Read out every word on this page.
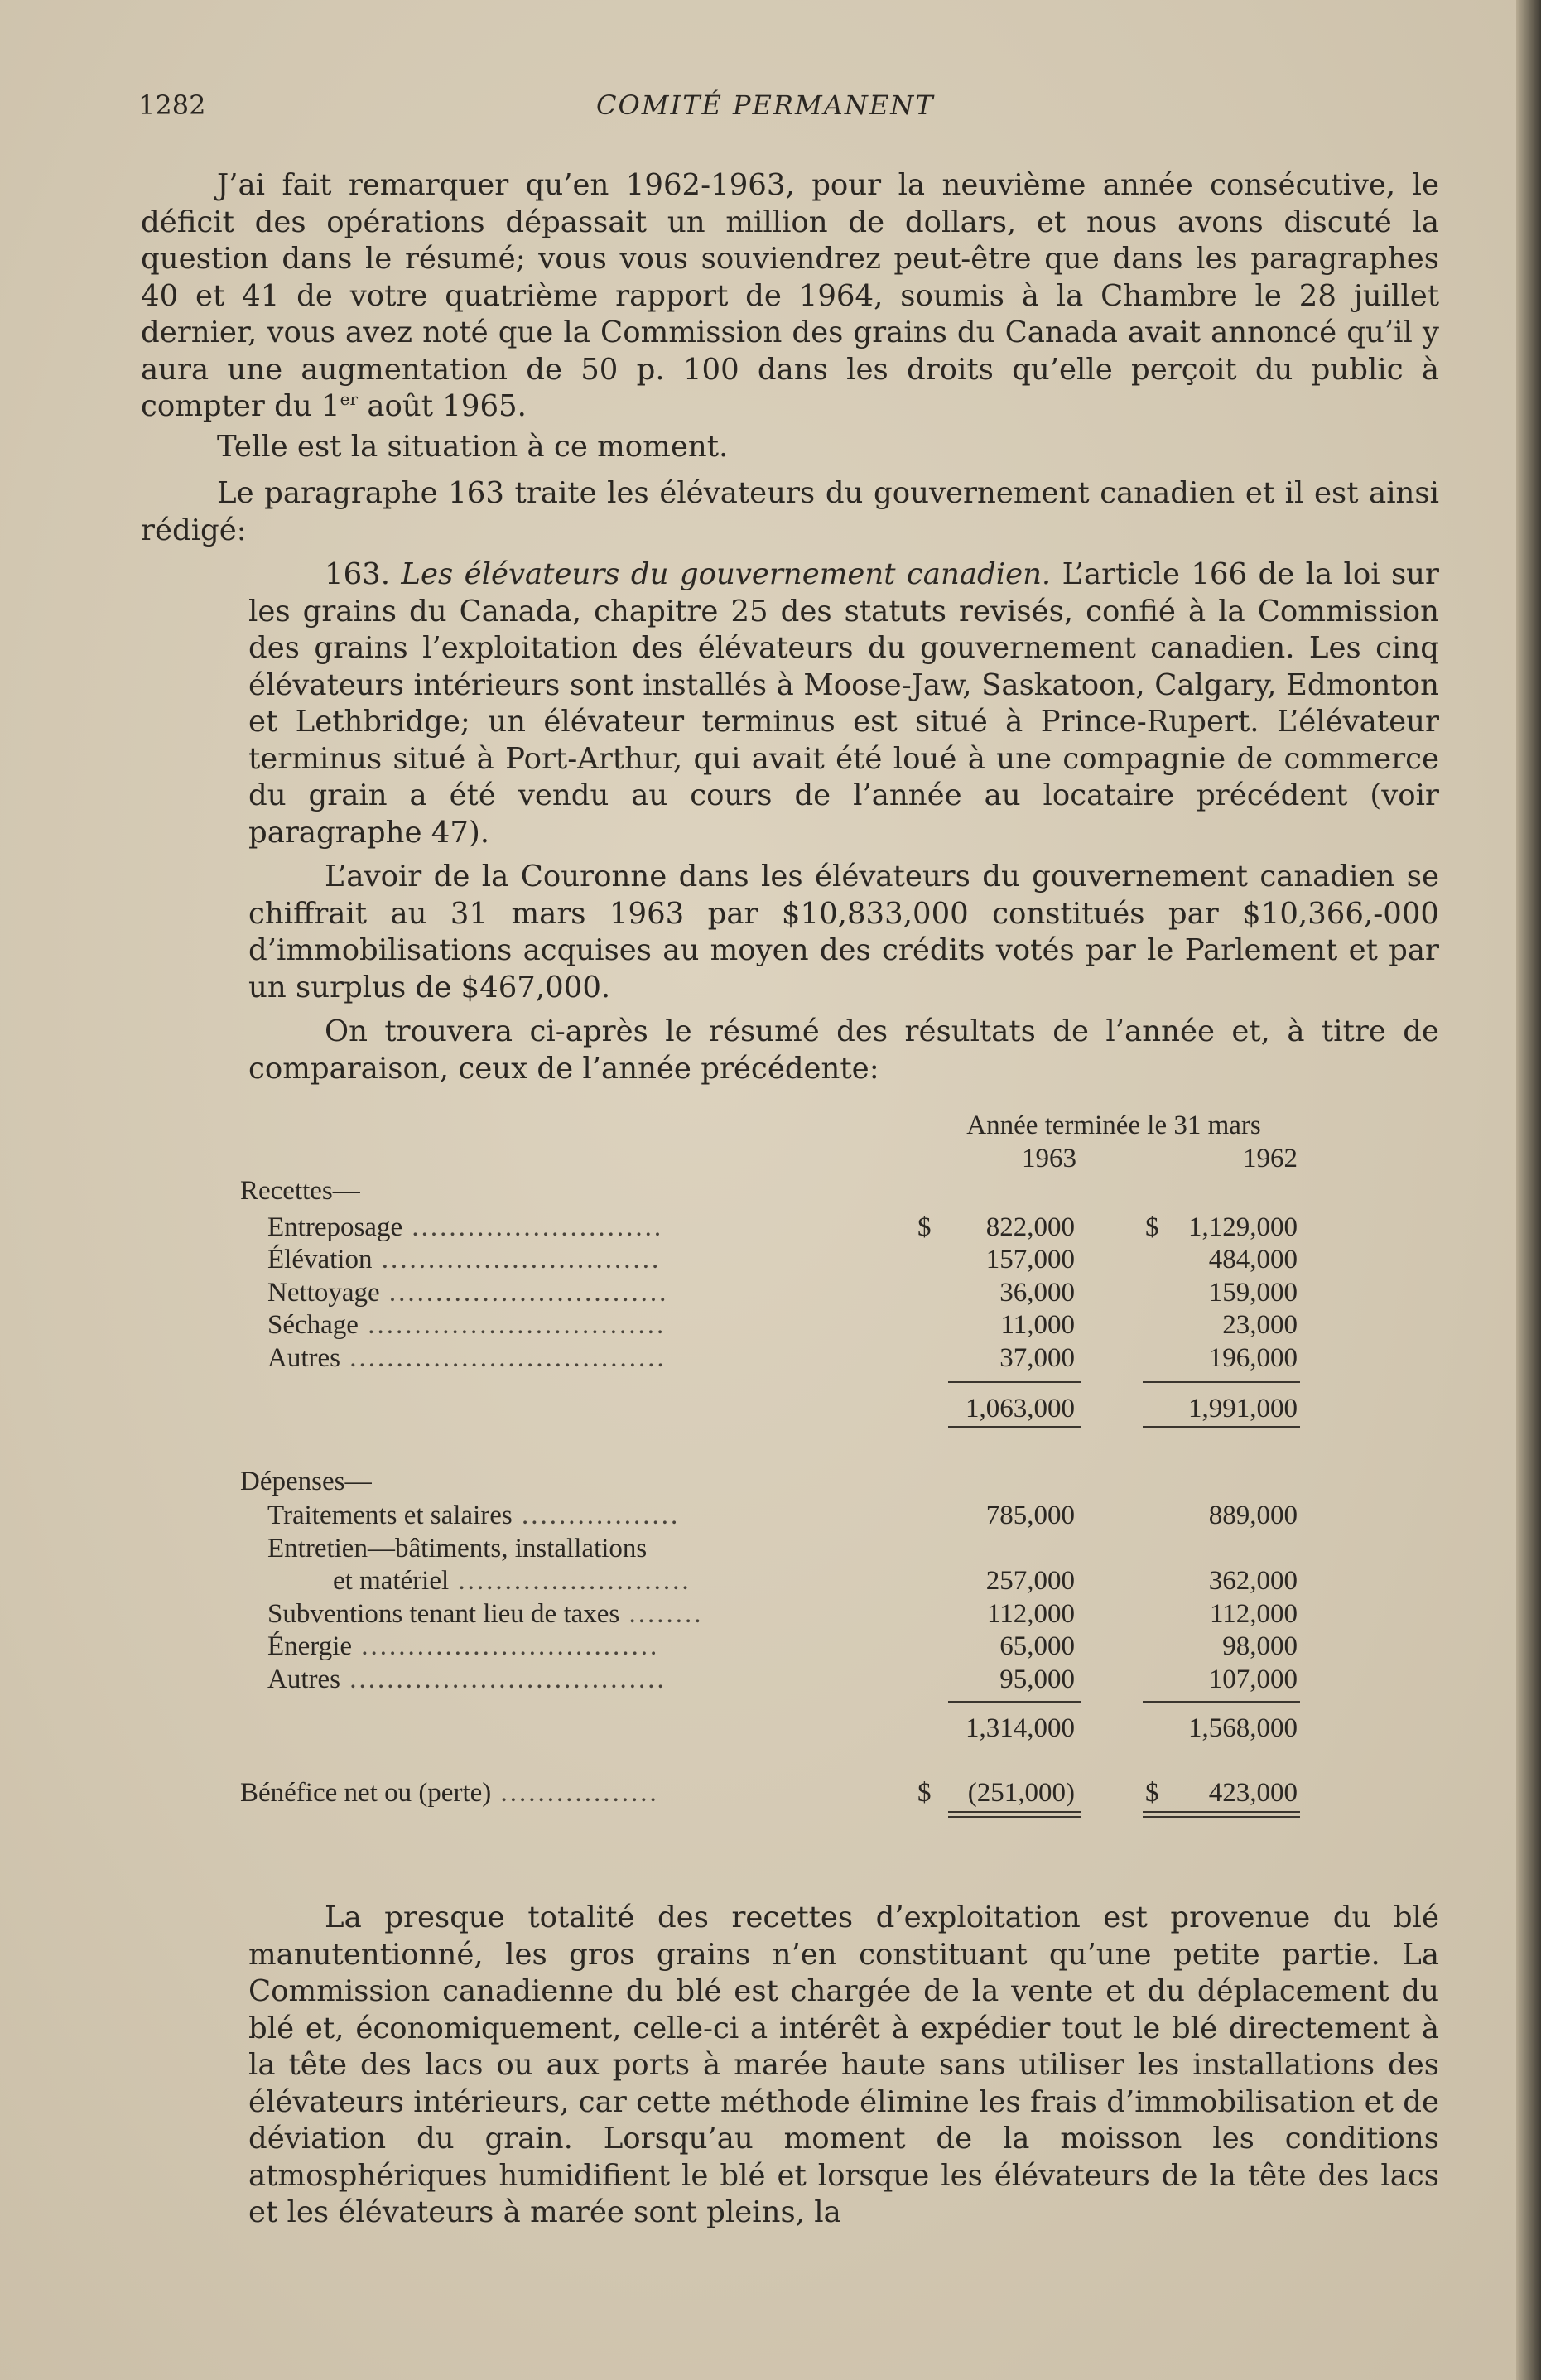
1282	COMITÉ PERMANENT

J’ai fait remarquer qu’en 1962-1963, pour la neuvième année consécutive, le déficit des opérations dépassait un million de dollars, et nous avons discuté la question dans le résumé; vous vous souviendrez peut-être que dans les paragraphes 40 et 41 de votre quatrième rapport de 1964, soumis à la Chambre le 28 juillet dernier, vous avez noté que la Commission des grains du Canada avait annoncé qu’il y aura une augmentation de 50 p. 100 dans les droits qu’elle perçoit du public à compter du 1er août 1965.

Telle est la situation à ce moment.

Le paragraphe 163 traite les élévateurs du gouvernement canadien et il est ainsi rédigé:

163. Les élévateurs du gouvernement canadien. L’article 166 de la loi sur les grains du Canada, chapitre 25 des statuts revisés, confié à la Commission des grains l’exploitation des élévateurs du gouvernement canadien. Les cinq élévateurs intérieurs sont installés à Moose-Jaw, Saskatoon, Calgary, Edmonton et Lethbridge; un élévateur terminus est situé à Prince-Rupert. L’élévateur terminus situé à Port-Arthur, qui avait été loué à une compagnie de commerce du grain a été vendu au cours de l’année au locataire précédent (voir paragraphe 47).

L’avoir de la Couronne dans les élévateurs du gouvernement canadien se chiffrait au 31 mars 1963 par $10,833,000 constitués par $10,366,-000 d’immobilisations acquises au moyen des crédits votés par le Parlement et par un surplus de $467,000.

On trouvera ci-après le résumé des résultats de l’année et, à titre de comparaison, ceux de l’année précédente:

Année terminée le 31 mars
1963	1962
Recettes—
Entreposage ...........................	$	822,000	$	1,129,000
Élévation ..............................	157,000	484,000
Nettoyage ..............................	36,000	159,000
Séchage ................................	11,000	23,000
Autres ..................................	37,000	196,000
1,063,000	1,991,000
Dépenses—
Traitements et salaires .................	785,000	889,000
Entretien—bâtiments, installations
et matériel .........................	257,000	362,000
Subventions tenant lieu de taxes ........	112,000	112,000
Énergie ................................	65,000	98,000
Autres ..................................	95,000	107,000
1,314,000	1,568,000
Bénéfice net ou (perte) .................	$	(251,000)	$	423,000

La presque totalité des recettes d’exploitation est provenue du blé manutentionné, les gros grains n’en constituant qu’une petite partie. La Commission canadienne du blé est chargée de la vente et du déplacement du blé et, économiquement, celle-ci a intérêt à expédier tout le blé directement à la tête des lacs ou aux ports à marée haute sans utiliser les installations des élévateurs intérieurs, car cette méthode élimine les frais d’immobilisation et de déviation du grain. Lorsqu’au moment de la moisson les conditions atmosphériques humidifient le blé et lorsque les élévateurs de la tête des lacs et les élévateurs à marée sont pleins, la
